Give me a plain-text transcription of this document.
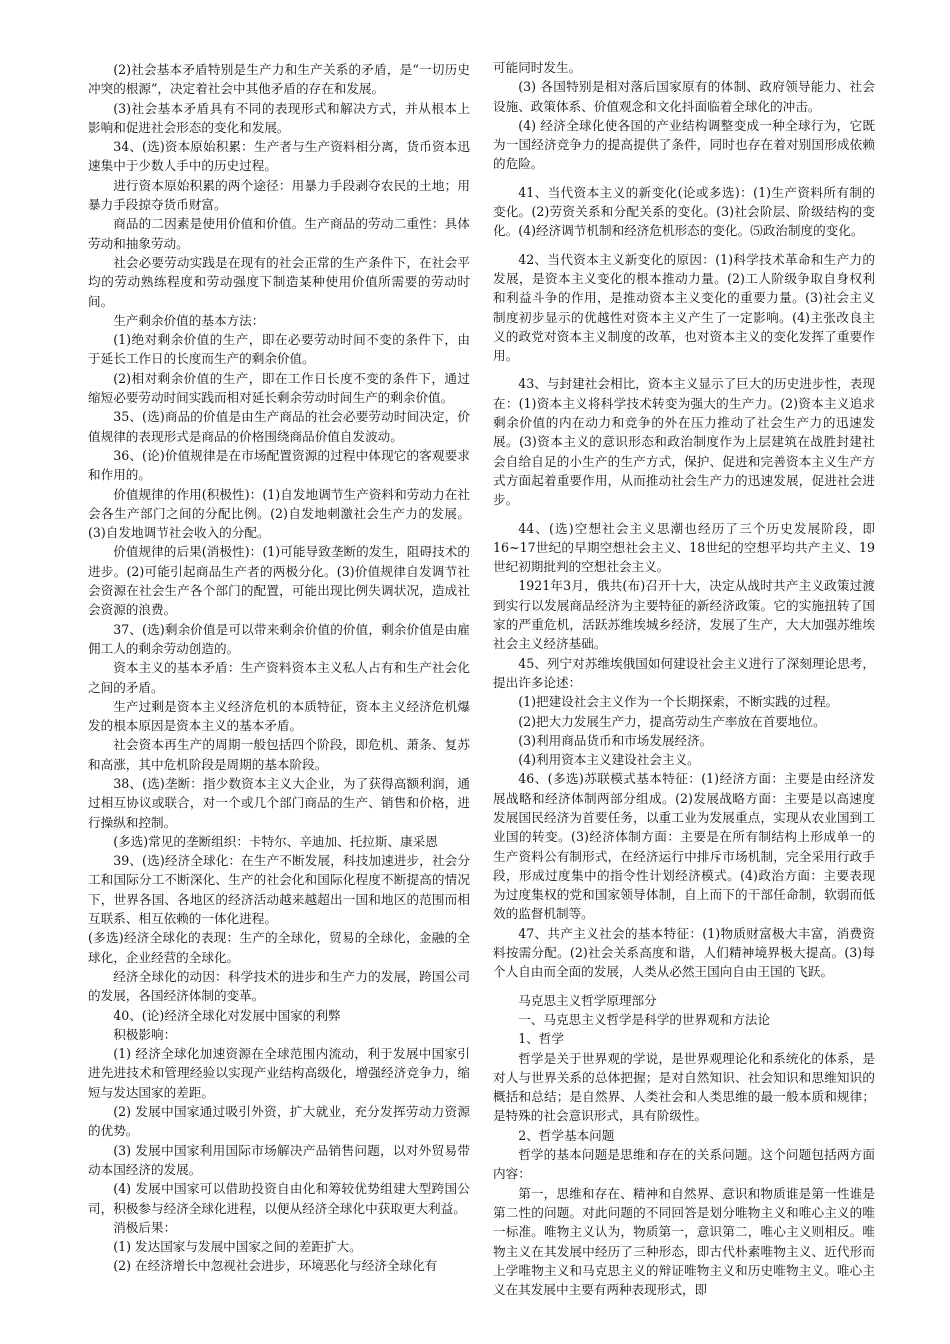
(2)社会基本矛盾特别是生产力和生产关系的矛盾，是“一切历史冲突的根源”，决定着社会中其他矛盾的存在和发展。

(3)社会基本矛盾具有不同的表现形式和解决方式，并从根本上影响和促进社会形态的变化和发展。

34、(选)资本原始积累：生产者与生产资料相分离，货币资本迅速集中于少数人手中的历史过程。

进行资本原始积累的两个途径：用暴力手段剥夺农民的土地；用暴力手段掠夺货币财富。

商品的二因素是使用价值和价值。生产商品的劳动二重性：具体劳动和抽象劳动。

社会必要劳动实践是在现有的社会正常的生产条件下，在社会平均的劳动熟练程度和劳动强度下制造某种使用价值所需要的劳动时间。

生产剩余价值的基本方法：

(1)绝对剩余价值的生产，即在必要劳动时间不变的条件下，由于延长工作日的长度而生产的剩余价值。

(2)相对剩余价值的生产，即在工作日长度不变的条件下，通过缩短必要劳动时间实践而相对延长剩余劳动时间生产的剩余价值。

35、(选)商品的价值是由生产商品的社会必要劳动时间决定，价值规律的表现形式是商品的价格围绕商品价值自发波动。

36、(论)价值规律是在市场配置资源的过程中体现它的客观要求和作用的。

价值规律的作用(积极性)：(1)自发地调节生产资料和劳动力在社会各生产部门之间的分配比例。(2)自发地刺激社会生产力的发展。(3)自发地调节社会收入的分配。

价值规律的后果(消极性)：(1)可能导致垄断的发生，阻碍技术的进步。(2)可能引起商品生产者的两极分化。(3)价值规律自发调节社会资源在社会生产各个部门的配置，可能出现比例失调状况，造成社会资源的浪费。

37、(选)剩余价值是可以带来剩余价值的价值，剩余价值是由雇佣工人的剩余劳动创造的。

资本主义的基本矛盾：生产资料资本主义私人占有和生产社会化之间的矛盾。

生产过剩是资本主义经济危机的本质特征，资本主义经济危机爆发的根本原因是资本主义的基本矛盾。

社会资本再生产的周期一般包括四个阶段，即危机、萧条、复苏和高涨，其中危机阶段是周期的基本阶段。

38、(选)垄断：指少数资本主义大企业，为了获得高额利润，通过相互协议或联合，对一个或几个部门商品的生产、销售和价格，进行操纵和控制。

(多选)常见的垄断组织：卡特尔、辛迪加、托拉斯、康采恩

39、(选)经济全球化：在生产不断发展，科技加速进步，社会分工和国际分工不断深化、生产的社会化和国际化程度不断提高的情况下，世界各国、各地区的经济活动越来越超出一国和地区的范围而相互联系、相互依赖的一体化进程。

(多选)经济全球化的表现：生产的全球化，贸易的全球化，金融的全球化，企业经营的全球化。

经济全球化的动因：科学技术的进步和生产力的发展，跨国公司的发展，各国经济体制的变革。

40、(论)经济全球化对发展中国家的利弊

积极影响：

(1) 经济全球化加速资源在全球范围内流动，利于发展中国家引进先进技术和管理经验以实现产业结构高级化，增强经济竞争力，缩短与发达国家的差距。

(2) 发展中国家通过吸引外资，扩大就业，充分发挥劳动力资源的优势。

(3) 发展中国家利用国际市场解决产品销售问题，以对外贸易带动本国经济的发展。

(4) 发展中国家可以借助投资自由化和筹较优势组建大型跨国公司，积极参与经济全球化进程，以便从经济全球化中获取更大利益。

消极后果：

(1) 发达国家与发展中国家之间的差距扩大。

(2) 在经济增长中忽视社会进步，环境恶化与经济全球化有

可能同时发生。

(3) 各国特别是相对落后国家原有的体制、政府领导能力、社会设施、政策体系、价值观念和文化抖面临着全球化的冲击。

(4) 经济全球化使各国的产业结构调整变成一种全球行为，它既为一国经济竞争力的提高提供了条件，同时也存在着对别国形成依赖的危险。

41、当代资本主义的新变化(论或多选)：(1)生产资料所有制的变化。(2)劳资关系和分配关系的变化。(3)社会阶层、阶级结构的变化。(4)经济调节机制和经济危机形态的变化。⑸政治制度的变化。

42、当代资本主义新变化的原因：(1)科学技术革命和生产力的发展，是资本主义变化的根本推动力量。(2)工人阶级争取自身权利和利益斗争的作用，是推动资本主义变化的重要力量。(3)社会主义制度初步显示的优越性对资本主义产生了一定影响。(4)主张改良主义的政党对资本主义制度的改革，也对资本主义的变化发挥了重要作用。

43、与封建社会相比，资本主义显示了巨大的历史进步性，表现在：(1)资本主义将科学技术转变为强大的生产力。(2)资本主义追求剩余价值的内在动力和竞争的外在压力推动了社会生产力的迅速发展。(3)资本主义的意识形态和政治制度作为上层建筑在战胜封建社会自给自足的小生产的生产方式，保护、促进和完善资本主义生产方式方面起着重要作用，从而推动社会生产力的迅速发展，促进社会进步。

44、(选)空想社会主义思潮也经历了三个历史发展阶段，即16~17世纪的早期空想社会主义、18世纪的空想平均共产主义、19世纪初期批判的空想社会主义。

1921年3月，俄共(布)召开十大，决定从战时共产主义政策过渡到实行以发展商品经济为主要特征的新经济政策。它的实施扭转了国家的严重危机，活跃苏维埃城乡经济，发展了生产，大大加强苏维埃社会主义经济基础。

45、列宁对苏维埃俄国如何建设社会主义进行了深刻理论思考，提出许多论述：

(1)把建设社会主义作为一个长期探索，不断实践的过程。

(2)把大力发展生产力，提高劳动生产率放在首要地位。

(3)利用商品货币和市场发展经济。

(4)利用资本主义建设社会主义。

46、(多选)苏联模式基本特征：(1)经济方面：主要是由经济发展战略和经济体制两部分组成。(2)发展战略方面：主要是以高速度发展国民经济为首要任务，以重工业为发展重点，实现从农业国到工业国的转变。(3)经济体制方面：主要是在所有制结构上形成单一的生产资料公有制形式，在经济运行中排斥市场机制，完全采用行政手段，形成过度集中的指令性计划经济模式。(4)政治方面：主要表现为过度集权的党和国家领导体制，自上而下的干部任命制，软弱而低效的监督机制等。

47、共产主义社会的基本特征：(1)物质财富极大丰富，消费资料按需分配。(2)社会关系高度和谐，人们精神境界极大提高。(3)每个人自由而全面的发展，人类从必然王国向自由王国的飞跃。

马克思主义哲学原理部分

一、马克思主义哲学是科学的世界观和方法论

1、哲学

哲学是关于世界观的学说，是世界观理论化和系统化的体系，是对人与世界关系的总体把握；是对自然知识、社会知识和思维知识的概括和总结；是自然界、人类社会和人类思维的最一般本质和规律；是特殊的社会意识形式，具有阶级性。

2、哲学基本问题

哲学的基本问题是思维和存在的关系问题。这个问题包括两方面内容：

第一，思维和存在、精神和自然界、意识和物质谁是第一性谁是第二性的问题。对此问题的不同回答是划分唯物主义和唯心主义的唯一标准。唯物主义认为，物质第一，意识第二，唯心主义则相反。唯物主义在其发展中经历了三种形态，即古代朴素唯物主义、近代形而上学唯物主义和马克思主义的辩证唯物主义和历史唯物主义。唯心主义在其发展中主要有两种表现形式，即
